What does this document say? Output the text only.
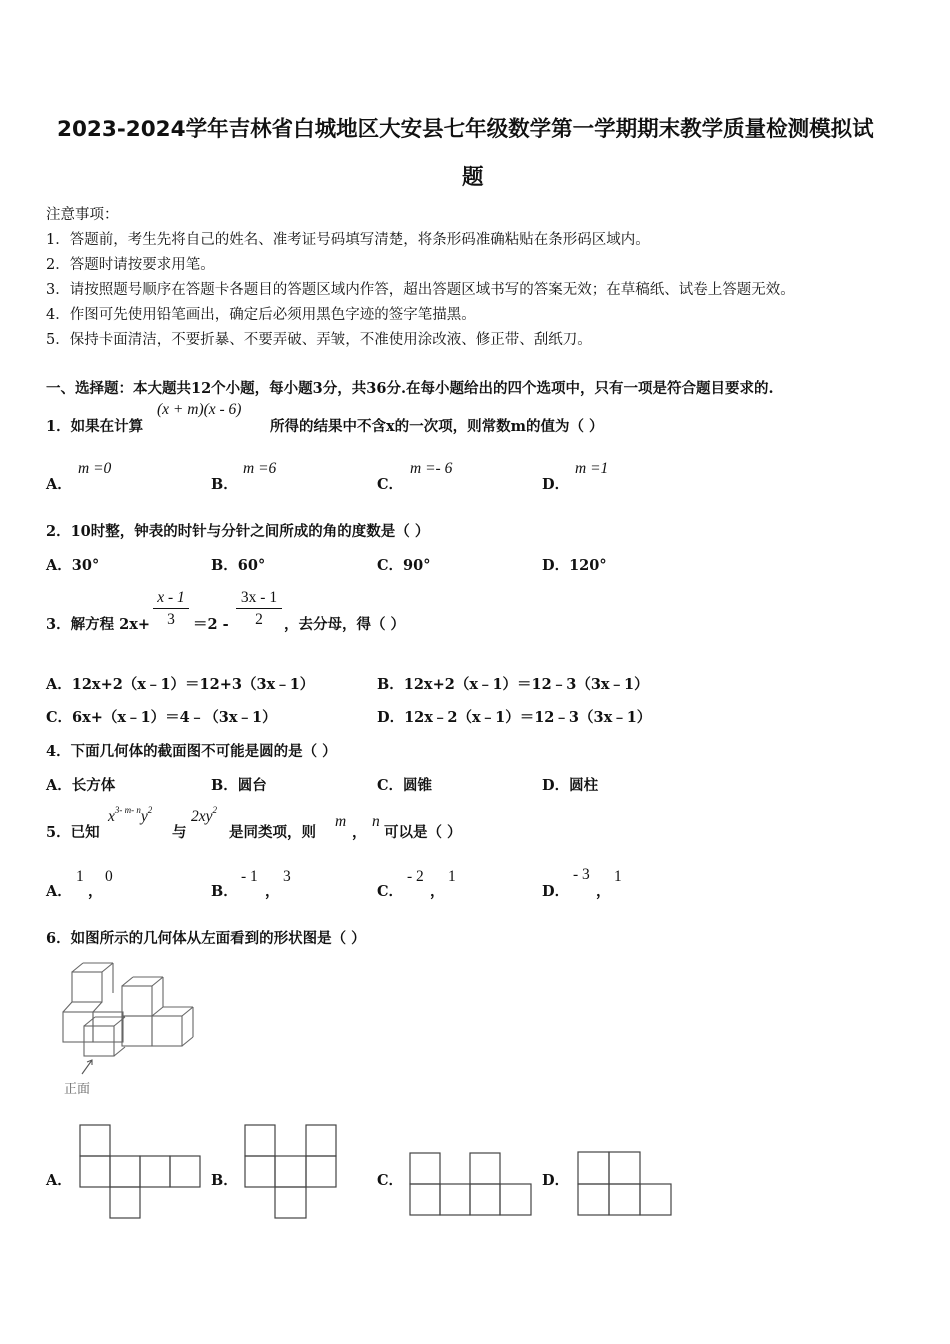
2023-2024学年吉林省白城地区大安县七年级数学第一学期期末教学质量检测模拟试
题
注意事项：
1．答题前，考生先将自己的姓名、准考证号码填写清楚，将条形码准确粘贴在条形码区域内。
2．答题时请按要求用笔。
3．请按照题号顺序在答题卡各题目的答题区域内作答，超出答题区域书写的答案无效；在草稿纸、试卷上答题无效。
4．作图可先使用铅笔画出，确定后必须用黑色字迹的签字笔描黑。
5．保持卡面清洁，不要折暴、不要弄破、弄皱，不准使用涂改液、修正带、刮纸刀。
一、选择题：本大题共12个小题，每小题3分，共36分.在每小题给出的四个选项中，只有一项是符合题目要求的.
1．如果在计算
(x + m)(x - 6)
所得的结果中不含x的一次项，则常数m的值为（ ）
A．
m =0
B．
m =6
C．
m =- 6
D．
m =1
2．10时整，钟表的时针与分针之间所成的角的度数是（ ）
A．30°	B．60°	C．90°	D．120°
3．解方程 $2x+ \frac{x - 1}{3} =2 - \frac{3x - 1}{2}$ ，去分母，得（ ）
A．12x+2（x﹣1）＝12+3（3x﹣1）	B．12x+2（x﹣1）＝12﹣3（3x﹣1）
C．6x+（x﹣1）＝4﹣（3x﹣1）	D．12x﹣2（x﹣1）＝12﹣3（3x﹣1）
4．下面几何体的截面图不可能是圆的是（ ）
A．长方体	B．圆台	C．圆锥	D．圆柱
5．已知
$x^{3- m- n}y^2$
与
$2xy^2$
是同类项，则
m
，
n
可以是（ ）
A．
1
，
0
B．
- 1
，
3
C．
- 2
，
1
D．
- 3
，
1
6．如图所示的几何体从左面看到的形状图是（ ）
正面
A．	B．	C．	D．
